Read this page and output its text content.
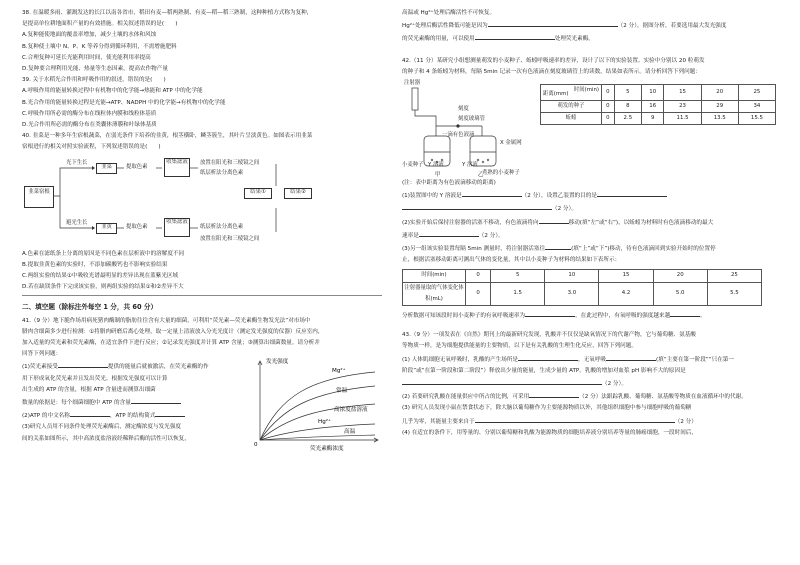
38. 在温暖多雨、灌溉发达的长江以南各省市，稻田有麦—稻两熟制、有麦—稻—稻三熟制，这种种植方式称为复种，
是提高单位耕地面积产量的有效措施。相关叙述错误的是(　　)
A.复种能使地面的覆盖率增加，减少土壤的水体和风蚀
B.复种使土壤中 N、P、K 等养分得到循环利用，不需增施肥料
C.合理复种可延长光能利用时间，使光能利用率提高
D.复种要合理利用光能、热量等生态因素，提高农作物产量
39. 关于水稻光合作用和呼吸作用的叙述，错误的是(　　)
A.呼吸作用的能量转换过程中有机物中的化学能→热能和 ATP 中的化学能
B.光合作用的能量转换过程是光能→ATP、NADPH 中的化学能→有机物中的化学能
C.呼吸作用所必需的酶分布在线粒体内膜和线粒体基质
D.光合作用所必需的酶分布在类囊体薄膜和叶绿体基质
40. 韭菜是一种多年生宿根蔬菜，在弱光条件下培养的韭黄，根茎横卧，鳞茎簇生，其叶片呈淡黄色。如图表示用韭菜
宿根进行的相关对照实验流程，下列叙述错误的是(　　)
韭菜宿根
光下生长
避光生长
韭菜
韭黄
提取色素
提取色素
收集滤液
收集滤液
放置在阳光和三棱镜之间
纸层析法分离色素
纸层析法分离色素
放置在阳光和三棱镜之间
结果①	结果②
A.色素在滤纸条上分离的原因是不同色素在层析液中的溶解度不同
B.提取韭黄色素的实验时，不添加碳酸钙也不影响实验结果
C.两组实验的结果①中吸收光谱最明显的差异出现在蓝紫光区域
D.若在缺镁条件下完成该实验，则两组实验的结果①和②差异不大
二、填空题（除标注外每空 1 分，共 60 分）
41.（9 分）地下脆作场用病死猪肉酶制的脂肪往往含有大量的细菌，可利用“荧光素—荧光素酶生物发光法”对市场中
腊肉含细菌多少进行检测：①将腊肉研磨后离心处理，取一定量上清液放入分光光度计（测定发光强度的仪器）反应室内，
加入适量的荧光素和荧光素酶，在适宜条件下进行反应；②记录发光强度并计算 ATP 含量；③测算出细菌数量。请分析并
回答下列问题：
(1)荧光素接受	提供的能量后就被激活，在荧光素酶的作
用下形成氧化荧光素并且发出荧光。根据发光强度可以计算
出生成的 ATP 的含量，根据 ATP 含量进而测算出细菌
数量的依据是：每个细菌细胞中 ATP 的含量
(2)ATP 的中文名称	，ATP 的结构简式
(3)研究人员用不同条件处理荧光素酶后，测定酶浓度与发光强度
间的关系如图所示，其中高浓度盐溶液经稀释后酶的活性可以恢复，
发光强度
荧光素酶浓度
0
Mg²⁺
常温
高浓度盐溶液
Hg²⁺
高温
高温或 Hg²⁺处理后酶活性不可恢复。
Hg²⁺处理后酶活性降低可能是因为	（2 分），据图分析，若要选用最大发光强度
的荧光素酶的用量，可以使用	处理荧光素酶。
42.（11 分）某研究小组想测量萌发的小麦种子、蚯蚓呼吸速率的差异，设计了以下的实验装置。实验中分别以 20 粒萌发
的种子和 4 条蚯蚓为材料，每隔 5min 记录一次有色液滴在刻度玻璃管上的读数，结果如表所示。请分析回答下列问题：
注射器
刻度
刻度玻璃管
一滴有色液滴
X 金属网
小麦种子 Y 溶液	Y 溶液
煮熟的小麦种子
甲	乙
时间(min)
距离(mm)	0	5	10	15	20	25
萌发的种子	0	8	16	23	29	34
蚯蚓	0	2.5	9	11.5	13.5	15.5
(注：表中距离为有色液滴移动的距离)
(1)装置图中的 Y 溶液是	（2 分），设置乙装置的目的是
（2 分）。
(2)实验开始后保持注射器的活塞不移动，有色液滴将向	移动(填“左”或“右”)，以蚯蚓为材料时有色液滴移动的最大
速率是	（2 分）。
(3)另一组该实验装置每隔 5min 测量时，将注射器活塞往	(填“上”或“下”)移动，待有色液滴回到实验开始时的位置停
止，根据活塞移动距离可测出气体的变化量，其中以小麦种子为材料的结果如下表所示：
时间(min)	0	5	10	15	20	25
注射器量取的气体变化体积(mL)	0	1.5	3.0	4.2	5.0	5.5
分析数据可知该段时间小麦种子的有氧呼吸速率为	，在此过程中，有氧呼吸的强度越来越	。
43.（9 分）一项发表在《自然》期刊上的最新研究发现，乳酸并不仅仅是缺氧情况下的代谢产物，它与葡萄糖、氨基酸
等物质一样，是为细胞提供能量的主要物质，以下是有关乳酸的生理生化反应，回答下列问题。
(1) 人体肌细胞无氧呼吸时，乳酸的产生场所是	，无氧呼吸	(填“主要在第一阶段”“只在第一
阶段”或“在第一阶段和第二阶段”）释放出少量的能量，生成少量的 ATP。乳酸的增加对血浆 pH 影响不大的原因是
（2 分）。
(2) 若要研究乳酸在能量供应中所占的比例，可采用	（2 分）法跟踪乳酸、葡萄糖、氨基酸等物质在血液循环中的代谢。
(3) 研究人员发现小鼠在禁食状态下，除大脑以葡萄糖作为主要能源物质以外，其他组织细胞中参与细胞呼吸的葡萄糖
几乎为零，其能量主要来自于	（2 分）
(4) 在适宜的条件下，用等量的、分别以葡萄糖和乳酸为能源物质的细胞培养液分别培养等量的肺癌细胞，一段时间后，
